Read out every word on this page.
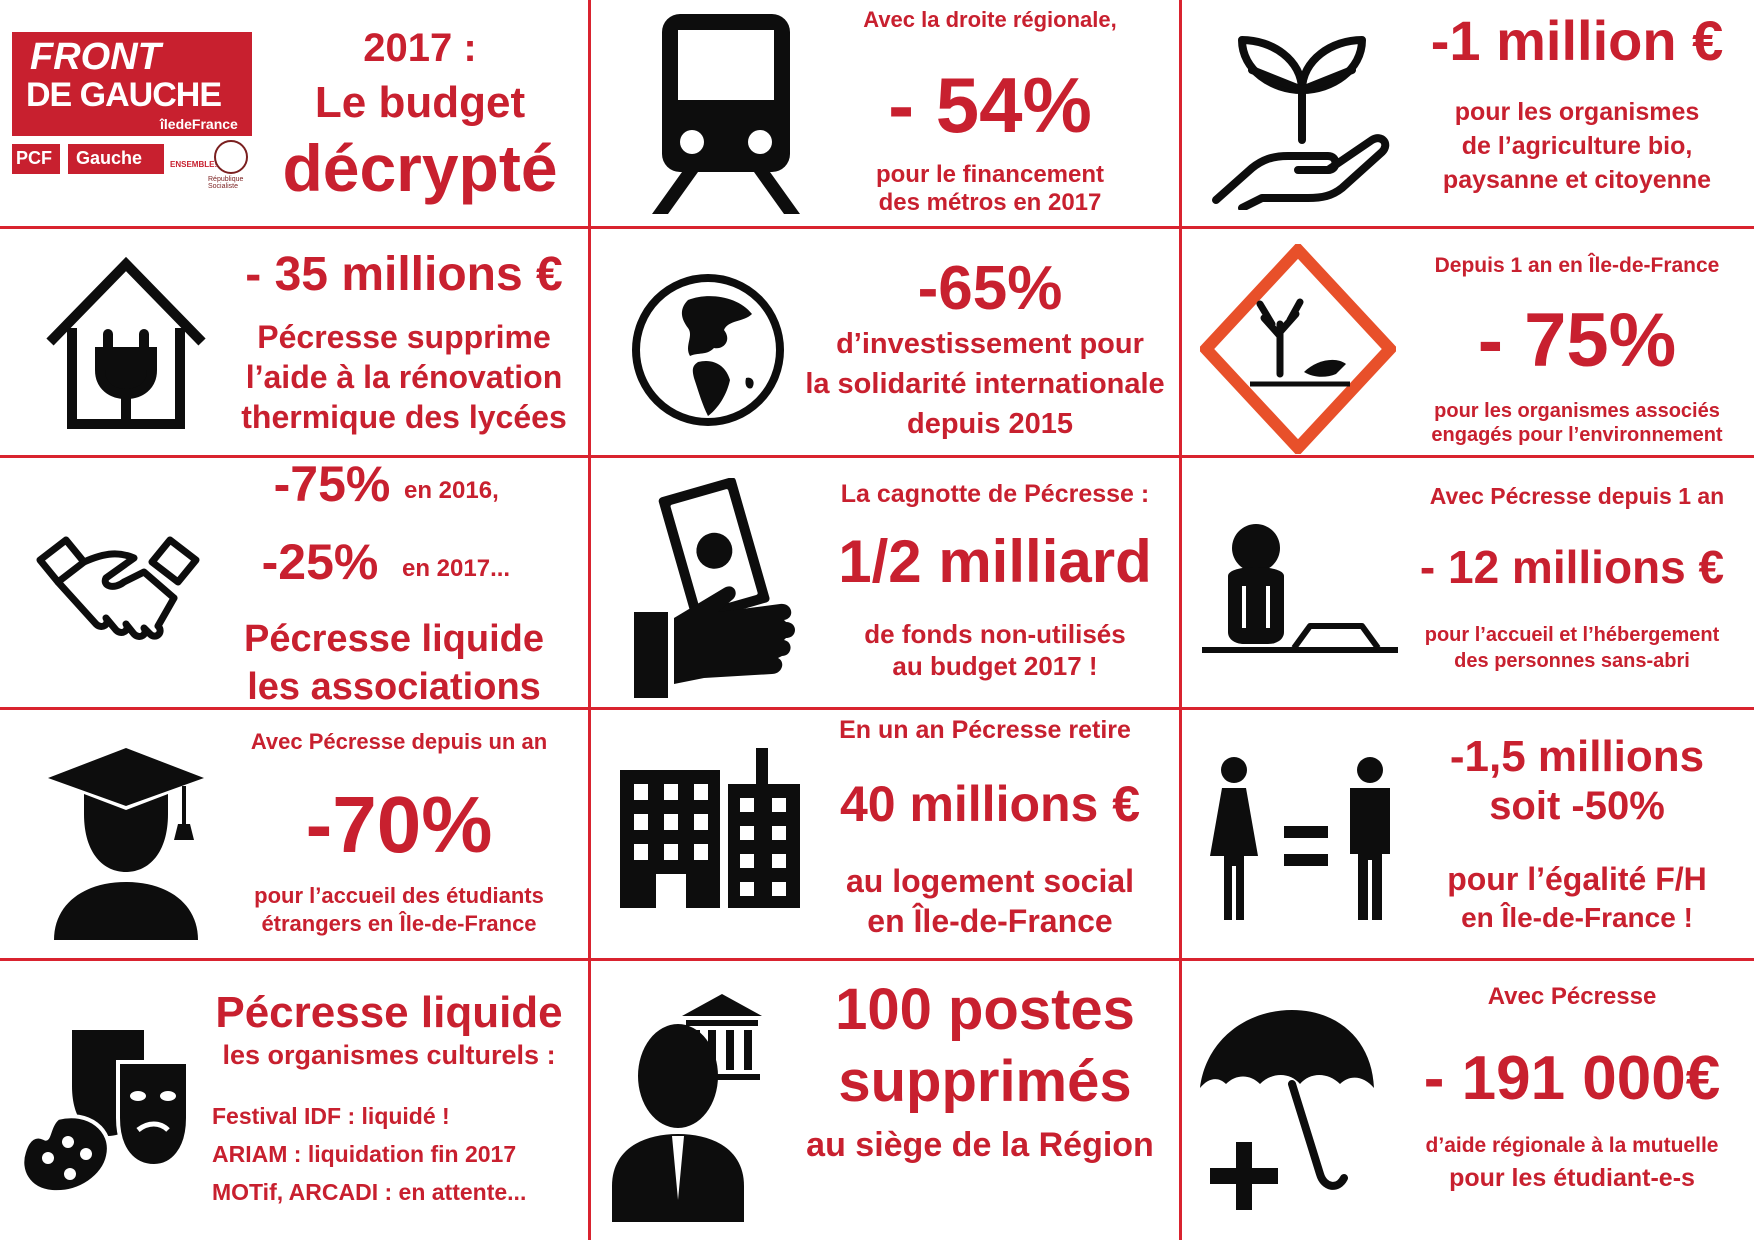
FRONT
DE GAUCHE
îledeFrance
PCF Gauche	ENSEMBLE!
République Socialiste
2017 :
Le budget
décrypté
Avec la droite régionale,
- 54%
pour le financement
des métros en 2017
-1 million €
pour les organismes
de l’agriculture bio,
paysanne et citoyenne
- 35 millions €
Pécresse supprime
l’aide à la rénovation
thermique des lycées
-65%
d’investissement pour
la solidarité internationale
depuis 2015
Depuis 1 an en Île-de-France
- 75%
pour les organismes associés
engagés pour l’environnement
-75% en 2016,
-25% en 2017...
Pécresse liquide
les associations
La cagnotte de Pécresse :
1/2 milliard
de fonds non-utilisés
au budget 2017 !
Avec Pécresse depuis 1 an
- 12 millions €
pour l’accueil et l’hébergement
des personnes sans-abri
Avec Pécresse depuis un an
-70%
pour l’accueil des étudiants
étrangers en Île-de-France
En un an Pécresse retire
40 millions €
au logement social
en Île-de-France
-1,5 millions
soit -50%
pour l’égalité F/H
en Île-de-France !
Pécresse liquide
les organismes culturels :
Festival IDF : liquidé !
ARIAM : liquidation fin 2017
MOTif, ARCADI : en attente...
100 postes
supprimés
au siège de la Région
Avec Pécresse
- 191 000€
d’aide régionale à la mutuelle
pour les étudiant-e-s
